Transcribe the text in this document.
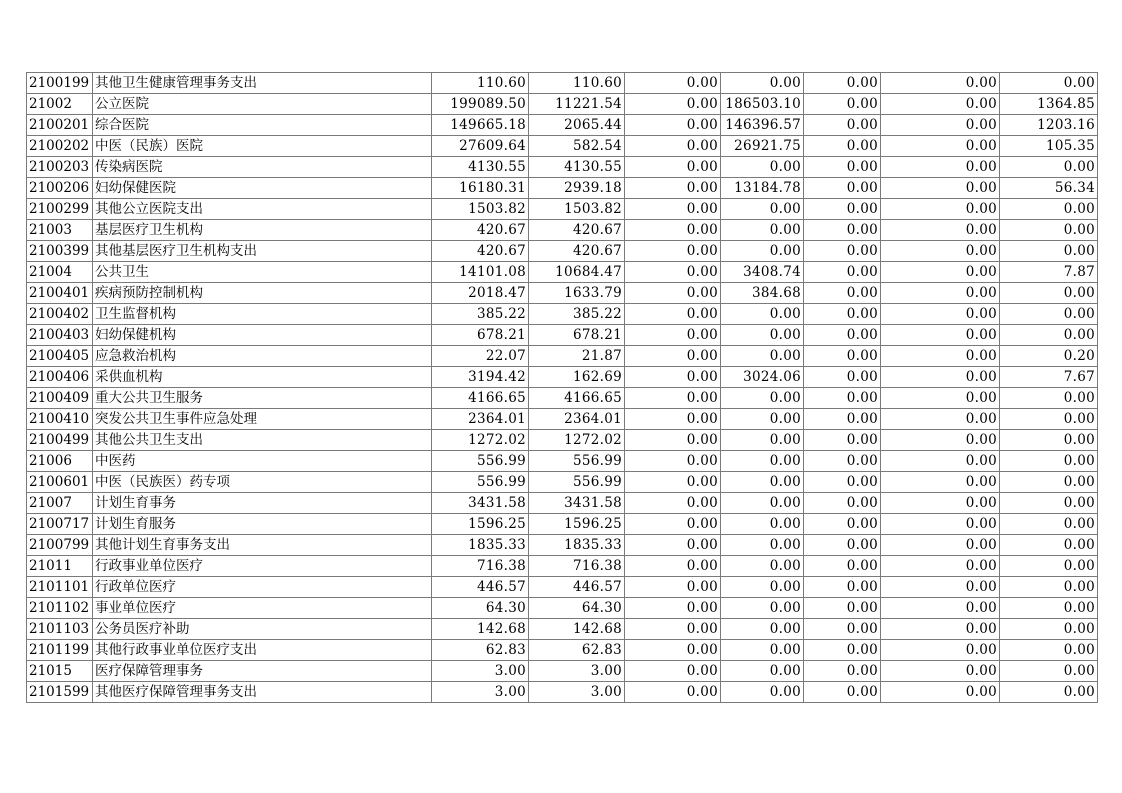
2100199	其他卫生健康管理事务支出	110.60	110.60	0.00	0.00	0.00	0.00	0.00
21002	公立医院	199089.50	11221.54	0.00	186503.10	0.00	0.00	1364.85
2100201	综合医院	149665.18	2065.44	0.00	146396.57	0.00	0.00	1203.16
2100202	中医（民族）医院	27609.64	582.54	0.00	26921.75	0.00	0.00	105.35
2100203	传染病医院	4130.55	4130.55	0.00	0.00	0.00	0.00	0.00
2100206	妇幼保健医院	16180.31	2939.18	0.00	13184.78	0.00	0.00	56.34
2100299	其他公立医院支出	1503.82	1503.82	0.00	0.00	0.00	0.00	0.00
21003	基层医疗卫生机构	420.67	420.67	0.00	0.00	0.00	0.00	0.00
2100399	其他基层医疗卫生机构支出	420.67	420.67	0.00	0.00	0.00	0.00	0.00
21004	公共卫生	14101.08	10684.47	0.00	3408.74	0.00	0.00	7.87
2100401	疾病预防控制机构	2018.47	1633.79	0.00	384.68	0.00	0.00	0.00
2100402	卫生监督机构	385.22	385.22	0.00	0.00	0.00	0.00	0.00
2100403	妇幼保健机构	678.21	678.21	0.00	0.00	0.00	0.00	0.00
2100405	应急救治机构	22.07	21.87	0.00	0.00	0.00	0.00	0.20
2100406	采供血机构	3194.42	162.69	0.00	3024.06	0.00	0.00	7.67
2100409	重大公共卫生服务	4166.65	4166.65	0.00	0.00	0.00	0.00	0.00
2100410	突发公共卫生事件应急处理	2364.01	2364.01	0.00	0.00	0.00	0.00	0.00
2100499	其他公共卫生支出	1272.02	1272.02	0.00	0.00	0.00	0.00	0.00
21006	中医药	556.99	556.99	0.00	0.00	0.00	0.00	0.00
2100601	中医（民族医）药专项	556.99	556.99	0.00	0.00	0.00	0.00	0.00
21007	计划生育事务	3431.58	3431.58	0.00	0.00	0.00	0.00	0.00
2100717	计划生育服务	1596.25	1596.25	0.00	0.00	0.00	0.00	0.00
2100799	其他计划生育事务支出	1835.33	1835.33	0.00	0.00	0.00	0.00	0.00
21011	行政事业单位医疗	716.38	716.38	0.00	0.00	0.00	0.00	0.00
2101101	行政单位医疗	446.57	446.57	0.00	0.00	0.00	0.00	0.00
2101102	事业单位医疗	64.30	64.30	0.00	0.00	0.00	0.00	0.00
2101103	公务员医疗补助	142.68	142.68	0.00	0.00	0.00	0.00	0.00
2101199	其他行政事业单位医疗支出	62.83	62.83	0.00	0.00	0.00	0.00	0.00
21015	医疗保障管理事务	3.00	3.00	0.00	0.00	0.00	0.00	0.00
2101599	其他医疗保障管理事务支出	3.00	3.00	0.00	0.00	0.00	0.00	0.00
